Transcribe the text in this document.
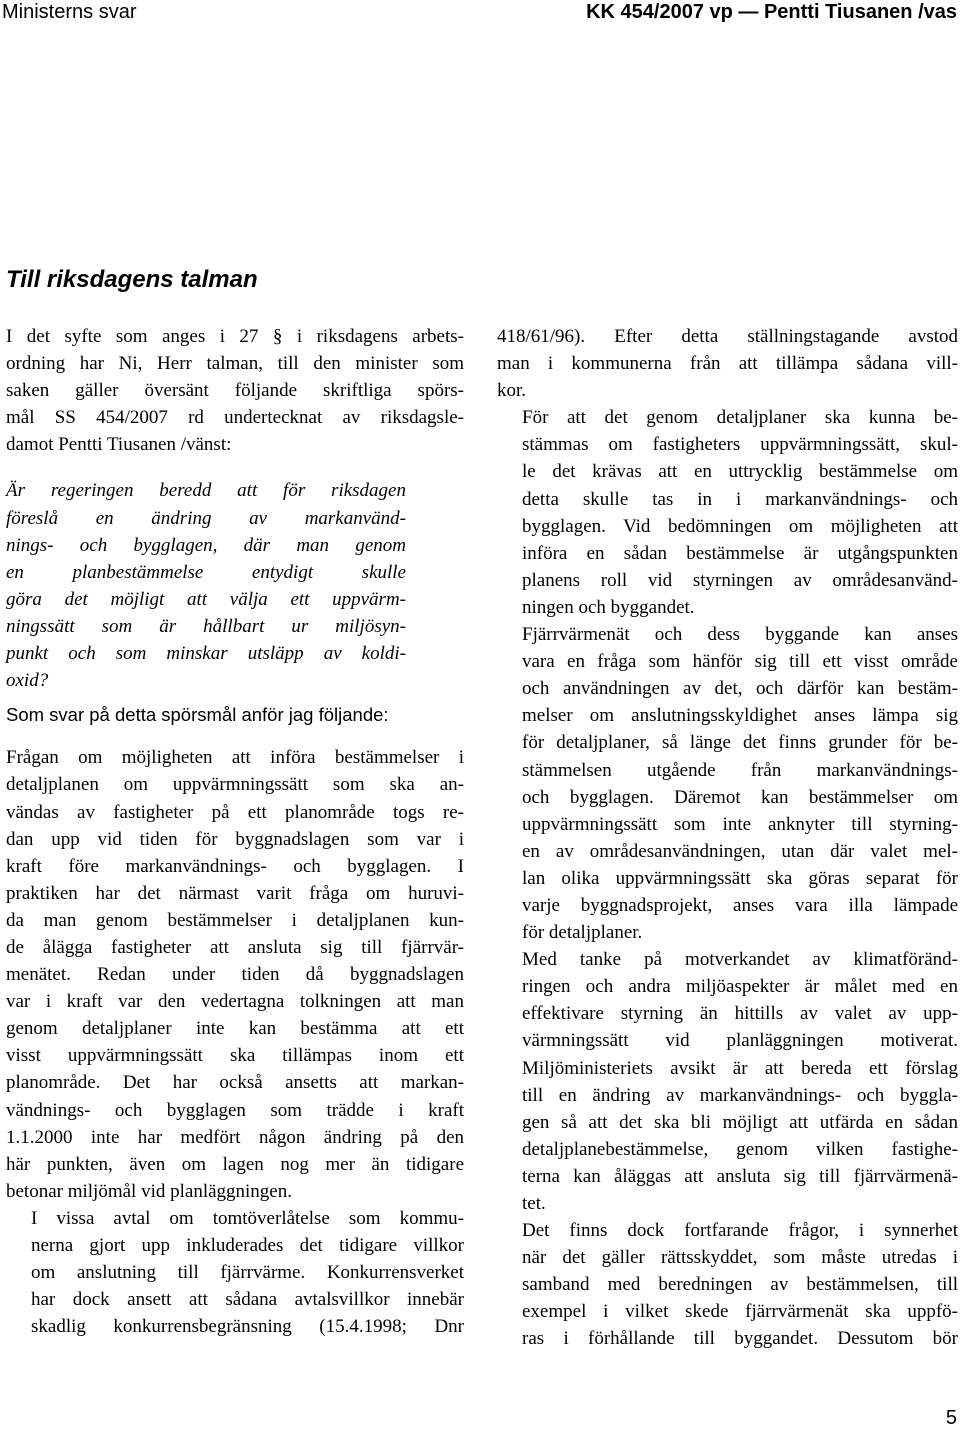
Ministerns svar	KK 454/2007 vp — Pentti Tiusanen /vas
Till riksdagens talman

I det syfte som anges i 27 § i riksdagens arbets-
ordning har Ni, Herr talman, till den minister som
saken gäller översänt följande skriftliga spörs-
mål SS 454/2007 rd undertecknat av riksdagsle-
damot Pentti Tiusanen /vänst:

Är regeringen beredd att för riksdagen
föreslå en ändring av markanvänd-
nings- och bygglagen, där man genom
en planbestämmelse entydigt skulle
göra det möjligt att välja ett uppvärm-
ningssätt som är hållbart ur miljösyn-
punkt och som minskar utsläpp av koldi-
oxid?

Som svar på detta spörsmål anför jag följande:

Frågan om möjligheten att införa bestämmelser i
detaljplanen om uppvärmningssätt som ska an-
vändas av fastigheter på ett planområde togs re-
dan upp vid tiden för byggnadslagen som var i
kraft före markanvändnings- och bygglagen. I
praktiken har det närmast varit fråga om huruvi-
da man genom bestämmelser i detaljplanen kun-
de ålägga fastigheter att ansluta sig till fjärrvär-
menätet. Redan under tiden då byggnadslagen
var i kraft var den vedertagna tolkningen att man
genom detaljplaner inte kan bestämma att ett
visst uppvärmningssätt ska tillämpas inom ett
planområde. Det har också ansetts att markan-
vändnings- och bygglagen som trädde i kraft
1.1.2000 inte har medfört någon ändring på den
här punkten, även om lagen nog mer än tidigare
betonar miljömål vid planläggningen.

I vissa avtal om tomtöverlåtelse som kommu-
nerna gjort upp inkluderades det tidigare villkor
om anslutning till fjärrvärme. Konkurrensverket
har dock ansett att sådana avtalsvillkor innebär
skadlig konkurrensbegränsning (15.4.1998; Dnr

418/61/96). Efter detta ställningstagande avstod
man i kommunerna från att tillämpa sådana vill-
kor.

För att det genom detaljplaner ska kunna be-
stämmas om fastigheters uppvärmningssätt, skul-
le det krävas att en uttrycklig bestämmelse om
detta skulle tas in i markanvändnings- och
bygglagen. Vid bedömningen om möjligheten att
införa en sådan bestämmelse är utgångspunkten
planens roll vid styrningen av områdesanvänd-
ningen och byggandet.

Fjärrvärmenät och dess byggande kan anses
vara en fråga som hänför sig till ett visst område
och användningen av det, och därför kan bestäm-
melser om anslutningsskyldighet anses lämpa sig
för detaljplaner, så länge det finns grunder för be-
stämmelsen utgående från markanvändnings-
och bygglagen. Däremot kan bestämmelser om
uppvärmningssätt som inte anknyter till styrning-
en av områdesanvändningen, utan där valet mel-
lan olika uppvärmningssätt ska göras separat för
varje byggnadsprojekt, anses vara illa lämpade
för detaljplaner.

Med tanke på motverkandet av klimatföränd-
ringen och andra miljöaspekter är målet med en
effektivare styrning än hittills av valet av upp-
värmningssätt vid planläggningen motiverat.
Miljöministeriets avsikt är att bereda ett förslag
till en ändring av markanvändnings- och byggla-
gen så att det ska bli möjligt att utfärda en sådan
detaljplanebestämmelse, genom vilken fastighe-
terna kan åläggas att ansluta sig till fjärrvärmenä-
tet.

Det finns dock fortfarande frågor, i synnerhet
när det gäller rättsskyddet, som måste utredas i
samband med beredningen av bestämmelsen, till
exempel i vilket skede fjärrvärmenät ska uppfö-
ras i förhållande till byggandet. Dessutom bör

5
